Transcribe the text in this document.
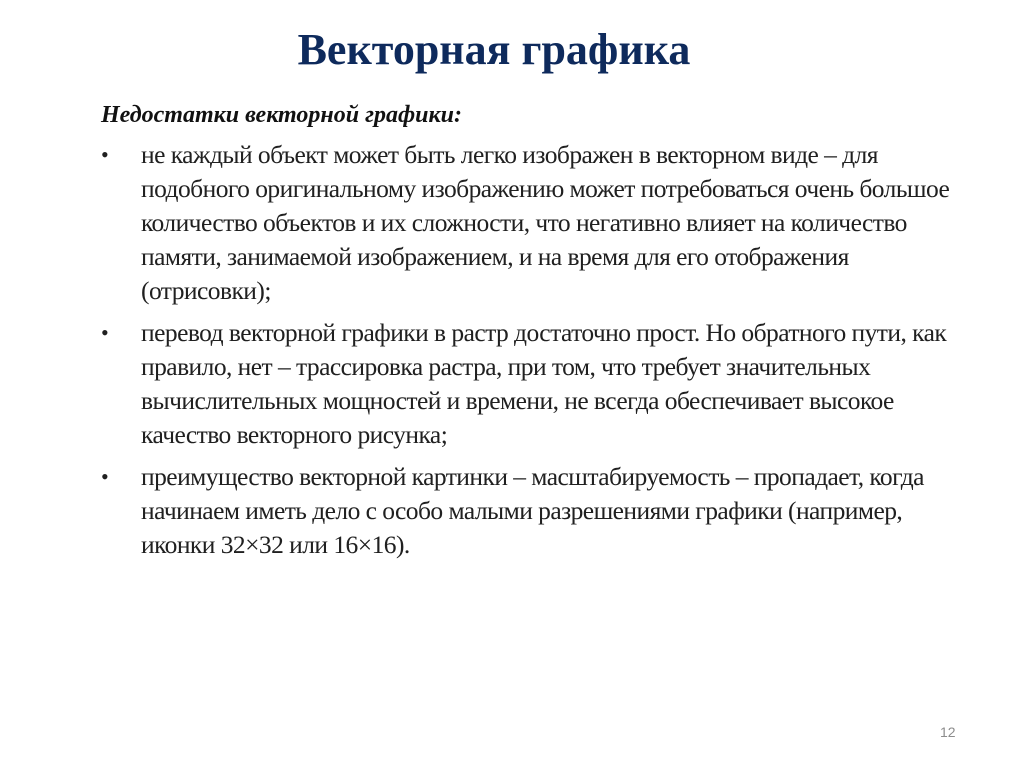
Векторная графика
Недостатки векторной графики:
• не каждый объект может быть легко изображен в векторном виде – для подобного оригинальному изображению может потребоваться очень большое количество объектов и их сложности, что негативно влияет на количество памяти, занимаемой изображением, и на время для его отображения (отрисовки);
• перевод векторной графики в растр достаточно прост. Но обратного пути, как правило, нет – трассировка растра, при том, что требует значительных вычислительных мощностей и времени, не всегда обеспечивает высокое качество векторного рисунка;
• преимущество векторной картинки – масштабируемость – пропадает, когда начинаем иметь дело с особо малыми разрешениями графики (например, иконки 32×32 или 16×16).
12
